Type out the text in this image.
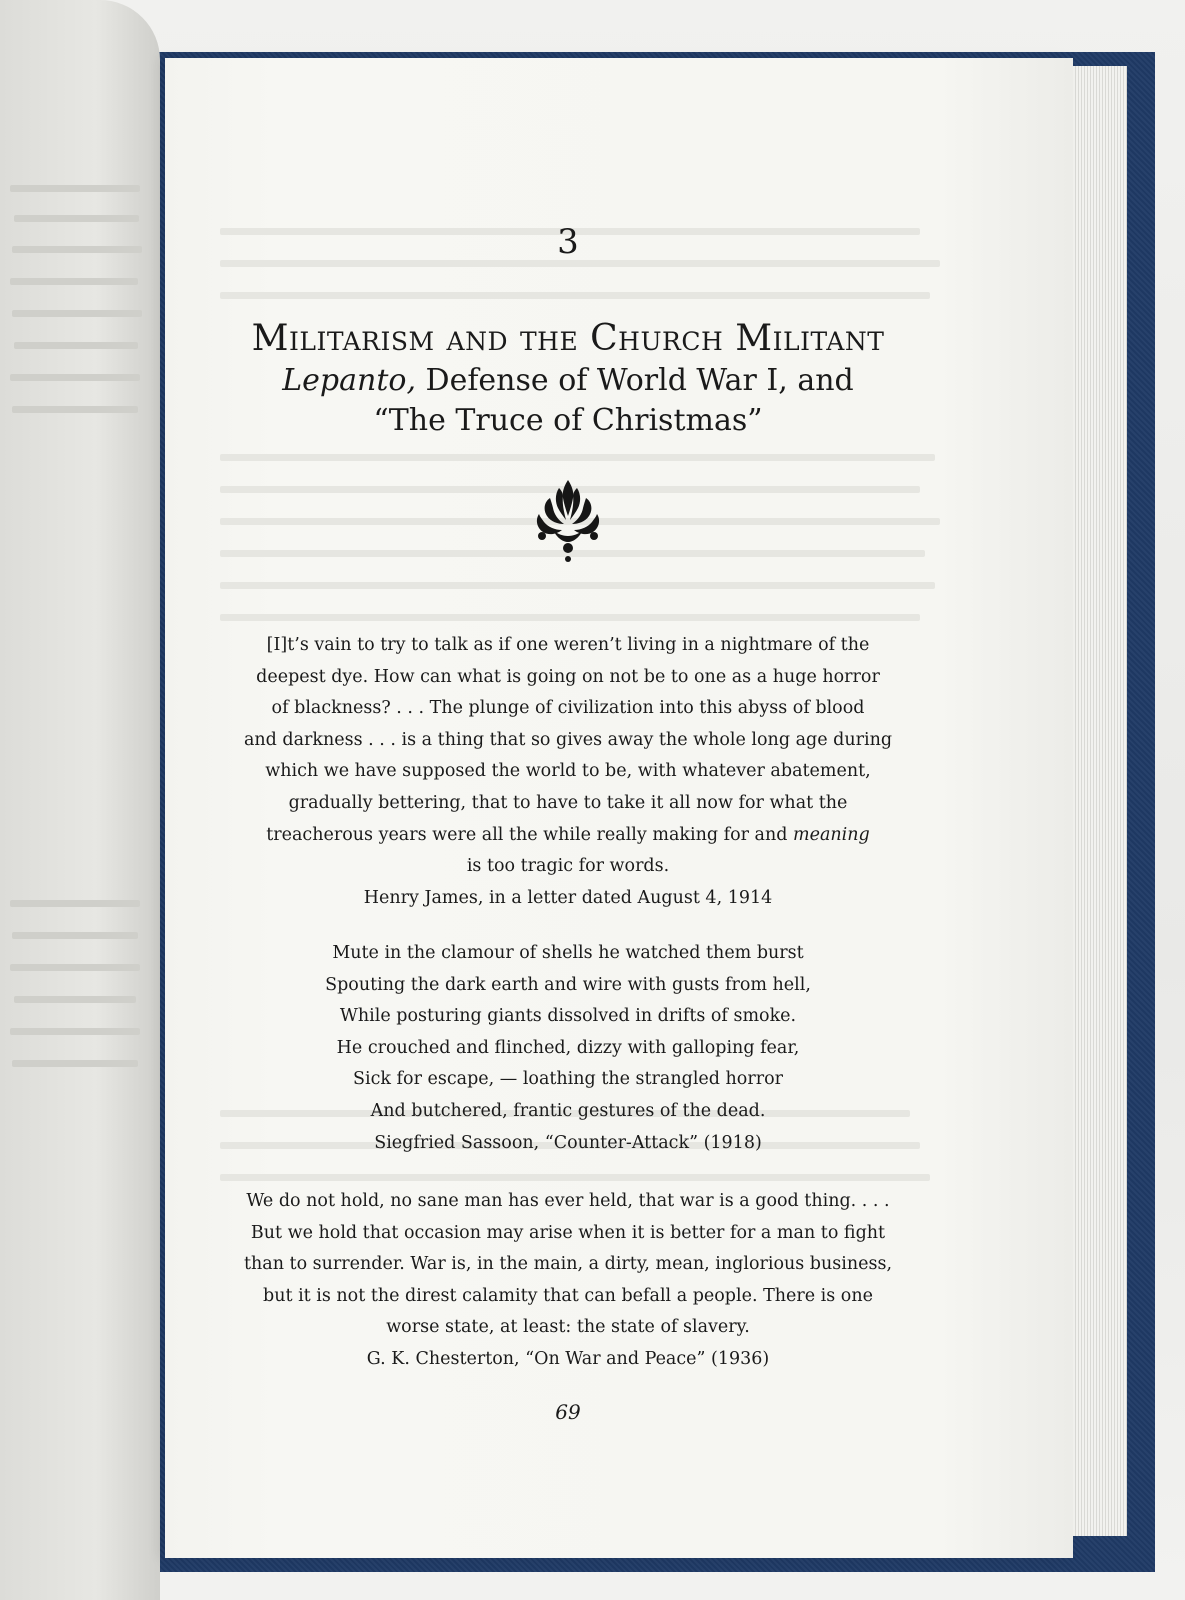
3
Militarism and the Church Militant
Lepanto, Defense of World War I, and
“The Truce of Christmas”
[I]t’s vain to try to talk as if one weren’t living in a nightmare of the
deepest dye. How can what is going on not be to one as a huge horror
of blackness? . . . The plunge of civilization into this abyss of blood
and darkness . . . is a thing that so gives away the whole long age during
which we have supposed the world to be, with whatever abatement,
gradually bettering, that to have to take it all now for what the
treacherous years were all the while really making for and meaning
is too tragic for words.
Henry James, in a letter dated August 4, 1914
Mute in the clamour of shells he watched them burst
Spouting the dark earth and wire with gusts from hell,
While posturing giants dissolved in drifts of smoke.
He crouched and flinched, dizzy with galloping fear,
Sick for escape, — loathing the strangled horror
And butchered, frantic gestures of the dead.
Siegfried Sassoon, “Counter-Attack” (1918)
We do not hold, no sane man has ever held, that war is a good thing. . . .
But we hold that occasion may arise when it is better for a man to fight
than to surrender. War is, in the main, a dirty, mean, inglorious business,
but it is not the direst calamity that can befall a people. There is one
worse state, at least: the state of slavery.
G. K. Chesterton, “On War and Peace” (1936)
69
